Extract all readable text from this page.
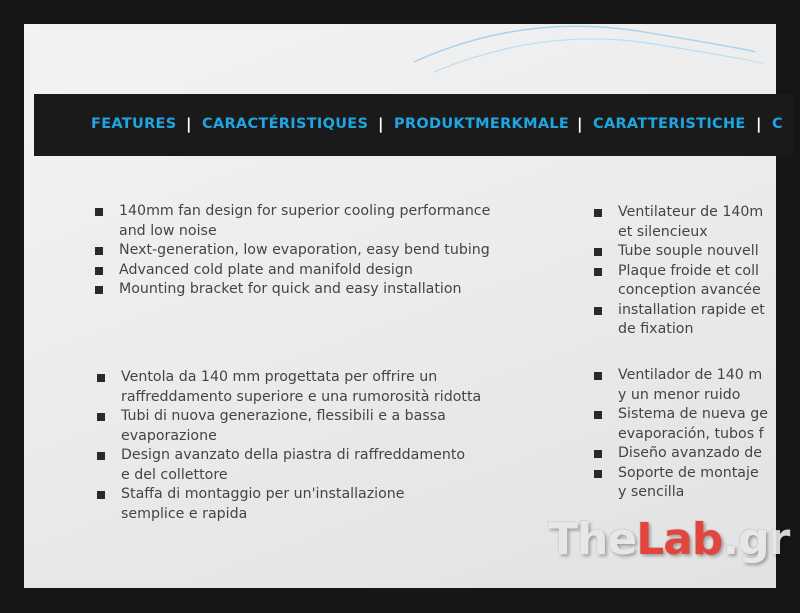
FEATURES | CARACTÉRISTIQUES | PRODUKTMERKMALE | CARATTERISTICHE | C
140mm fan design for superior cooling performance
and low noise
Next-generation, low evaporation, easy bend tubing
Advanced cold plate and manifold design
Mounting bracket for quick and easy installation
Ventilateur de 140m
et silencieux
Tube souple nouvell
Plaque froide et coll
conception avancée
installation rapide et
de fixation
Ventola da 140 mm progettata per offrire un
raffreddamento superiore e una rumorosità ridotta
Tubi di nuova generazione, flessibili e a bassa
evaporazione
Design avanzato della piastra di raffreddamento
e del collettore
Staffa di montaggio per un'installazione
semplice e rapida
Ventilador de 140 m
y un menor ruido
Sistema de nueva ge
evaporación, tubos f
Diseño avanzado de
Soporte de montaje
y sencilla
TheLab.gr
